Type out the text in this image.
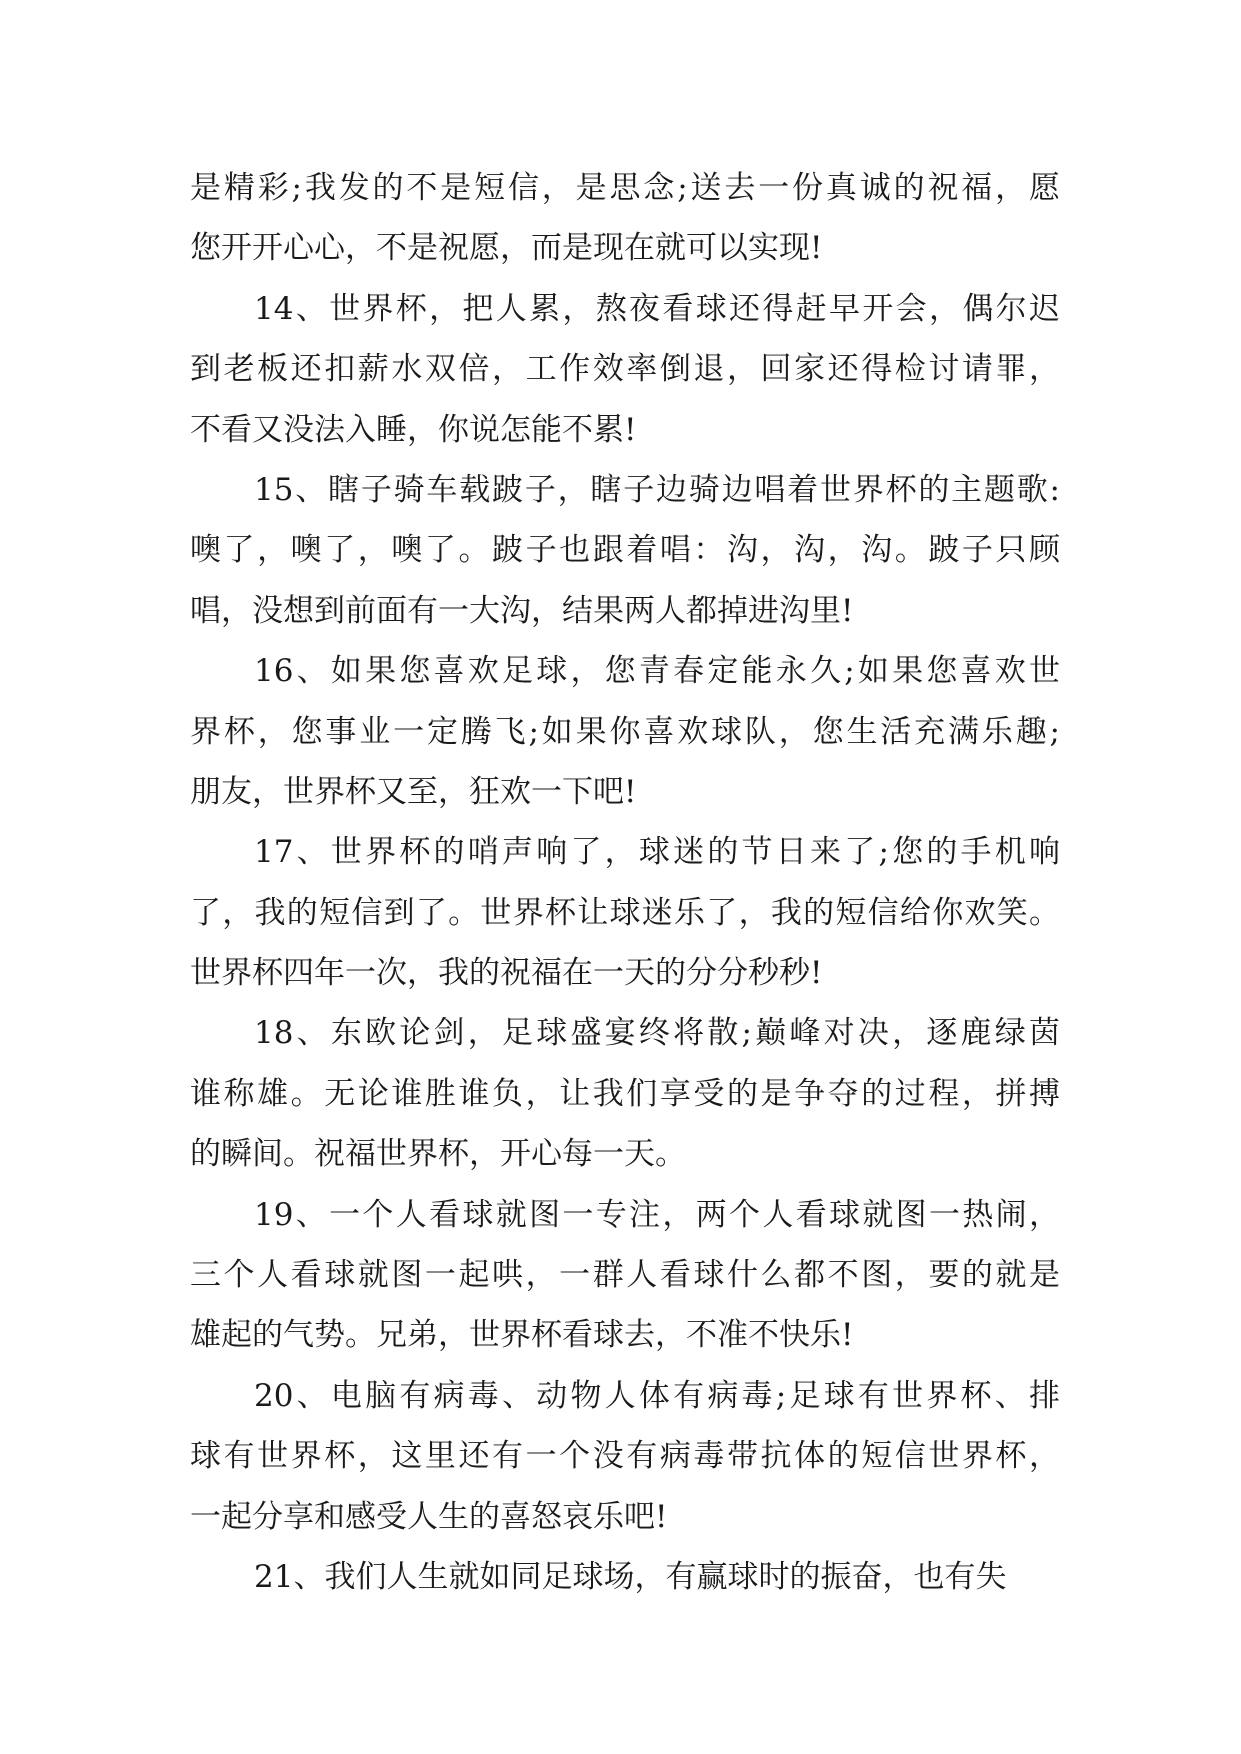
是精彩;我发的不是短信，是思念;送去一份真诚的祝福，愿
您开开心心，不是祝愿，而是现在就可以实现!
14、世界杯，把人累，熬夜看球还得赶早开会，偶尔迟
到老板还扣薪水双倍，工作效率倒退，回家还得检讨请罪，
不看又没法入睡，你说怎能不累!
15、瞎子骑车载跛子，瞎子边骑边唱着世界杯的主题歌:
噢了，噢了，噢了。跛子也跟着唱：沟，沟，沟。跛子只顾
唱，没想到前面有一大沟，结果两人都掉进沟里!
16、如果您喜欢足球，您青春定能永久;如果您喜欢世
界杯，您事业一定腾飞;如果你喜欢球队，您生活充满乐趣;
朋友，世界杯又至，狂欢一下吧!
17、世界杯的哨声响了，球迷的节日来了;您的手机响
了，我的短信到了。世界杯让球迷乐了，我的短信给你欢笑。
世界杯四年一次，我的祝福在一天的分分秒秒!
18、东欧论剑，足球盛宴终将散;巅峰对决，逐鹿绿茵
谁称雄。无论谁胜谁负，让我们享受的是争夺的过程，拼搏
的瞬间。祝福世界杯，开心每一天。
19、一个人看球就图一专注，两个人看球就图一热闹，
三个人看球就图一起哄，一群人看球什么都不图，要的就是
雄起的气势。兄弟，世界杯看球去，不准不快乐!
20、电脑有病毒、动物人体有病毒;足球有世界杯、排
球有世界杯，这里还有一个没有病毒带抗体的短信世界杯，
一起分享和感受人生的喜怒哀乐吧!
21、我们人生就如同足球场，有赢球时的振奋，也有失
